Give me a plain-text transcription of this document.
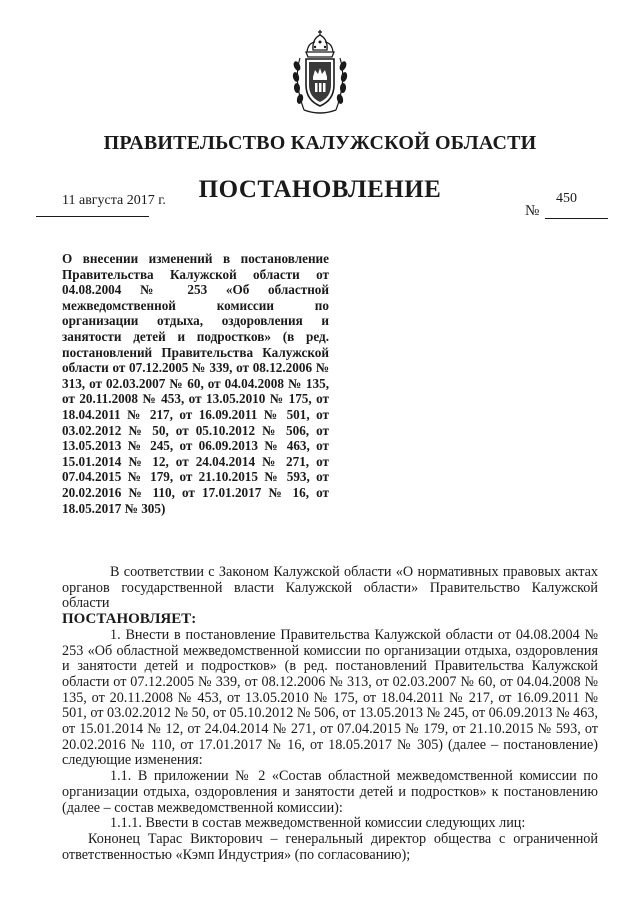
ПРАВИТЕЛЬСТВО КАЛУЖСКОЙ ОБЛАСТИ
ПОСТАНОВЛЕНИЕ
11 августа 2017 г.	450
№

О внесении изменений в постановление Правительства Калужской области от 04.08.2004 № 253 «Об областной межведомственной комиссии по организации отдыха, оздоровления и занятости детей и подростков» (в ред. постановлений Правительства Калужской области от 07.12.2005 № 339, от 08.12.2006 № 313, от 02.03.2007 № 60, от 04.04.2008 № 135, от 20.11.2008 № 453, от 13.05.2010 № 175, от 18.04.2011 № 217, от 16.09.2011 № 501, от 03.02.2012 № 50, от 05.10.2012 № 506, от 13.05.2013 № 245, от 06.09.2013 № 463, от 15.01.2014 № 12, от 24.04.2014 № 271, от 07.04.2015 № 179, от 21.10.2015 № 593, от 20.02.2016 № 110, от 17.01.2017 № 16, от 18.05.2017 № 305)

В соответствии с Законом Калужской области «О нормативных правовых актах органов государственной власти Калужской области» Правительство Калужской области

ПОСТАНОВЛЯЕТ:

1. Внести в постановление Правительства Калужской области от 04.08.2004 № 253 «Об областной межведомственной комиссии по организации отдыха, оздоровления и занятости детей и подростков» (в ред. постановлений Правительства Калужской области от 07.12.2005 № 339, от 08.12.2006 № 313, от 02.03.2007 № 60, от 04.04.2008 № 135, от 20.11.2008 № 453, от 13.05.2010 № 175, от 18.04.2011 № 217, от 16.09.2011 № 501, от 03.02.2012 № 50, от 05.10.2012 № 506, от 13.05.2013 № 245, от 06.09.2013 № 463, от 15.01.2014 № 12, от 24.04.2014 № 271, от 07.04.2015 № 179, от 21.10.2015 № 593, от 20.02.2016 № 110, от 17.01.2017 № 16, от 18.05.2017 № 305) (далее – постановление) следующие изменения:

1.1. В приложении № 2 «Состав областной межведомственной комиссии по организации отдыха, оздоровления и занятости детей и подростков» к постановлению (далее – состав межведомственной комиссии):

1.1.1. Ввести в состав межведомственной комиссии следующих лиц:

Кононец Тарас Викторович – генеральный директор общества с ограниченной ответственностью «Кэмп Индустрия» (по согласованию);
